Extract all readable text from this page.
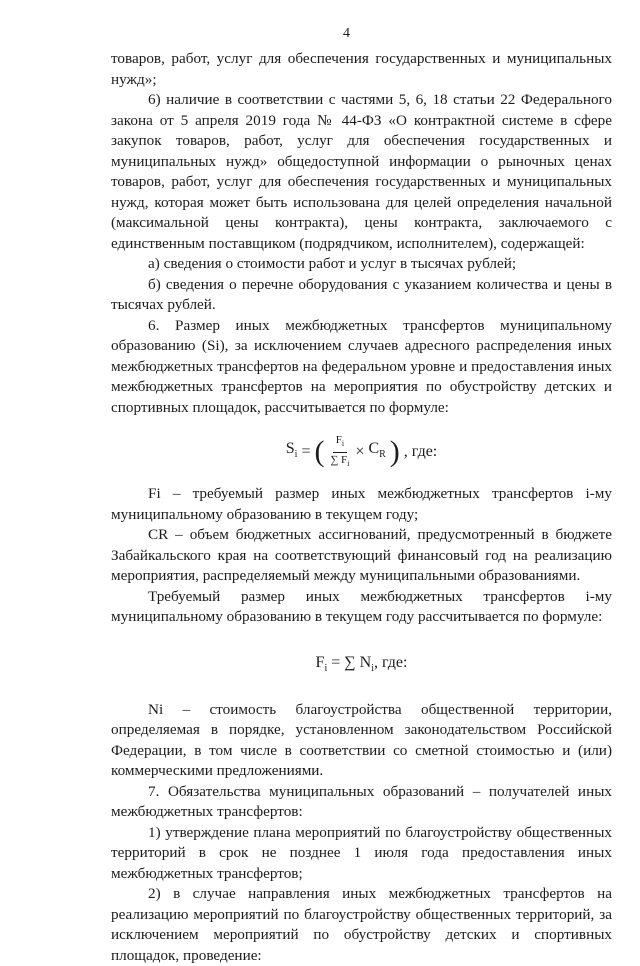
4

товаров, работ, услуг для обеспечения государственных и муниципальных нужд»;

6) наличие в соответствии с частями 5, 6, 18 статьи 22 Федерального закона от 5 апреля 2019 года № 44-ФЗ «О контрактной системе в сфере закупок товаров, работ, услуг для обеспечения государственных и муниципальных нужд» общедоступной информации о рыночных ценах товаров, работ, услуг для обеспечения государственных и муниципальных нужд, которая может быть использована для целей определения начальной (максимальной цены контракта), цены контракта, заключаемого с единственным поставщиком (подрядчиком, исполнителем), содержащей:

а) сведения о стоимости работ и услуг в тысячах рублей;

б) сведения о перечне оборудования с указанием количества и цены в тысячах рублей.

6. Размер иных межбюджетных трансфертов муниципальному образованию (Si), за исключением случаев адресного распределения иных межбюджетных трансфертов на федеральном уровне и предоставления иных межбюджетных трансфертов на мероприятия по обустройству детских и спортивных площадок, рассчитывается по формуле:

$S_i$ = ( $\frac{F_i}{\sum F_i} \times C_R$ ) , где:

Fi – требуемый размер иных межбюджетных трансфертов i-му муниципальному образованию в текущем году;

CR – объем бюджетных ассигнований, предусмотренный в бюджете Забайкальского края на соответствующий финансовый год на реализацию мероприятия, распределяемый между муниципальными образованиями.

Требуемый размер иных межбюджетных трансфертов i-му муниципальному образованию в текущем году рассчитывается по формуле:

$F_i$ = ∑ $N_i$, где:

Ni – стоимость благоустройства общественной территории, определяемая в порядке, установленном законодательством Российской Федерации, в том числе в соответствии со сметной стоимостью и (или) коммерческими предложениями.

7. Обязательства муниципальных образований – получателей иных межбюджетных трансфертов:

1) утверждение плана мероприятий по благоустройству общественных территорий в срок не позднее 1 июля года предоставления иных межбюджетных трансфертов;

2) в случае направления иных межбюджетных трансфертов на реализацию мероприятий по благоустройству общественных территорий, за исключением мероприятий по обустройству детских и спортивных площадок, проведение:
